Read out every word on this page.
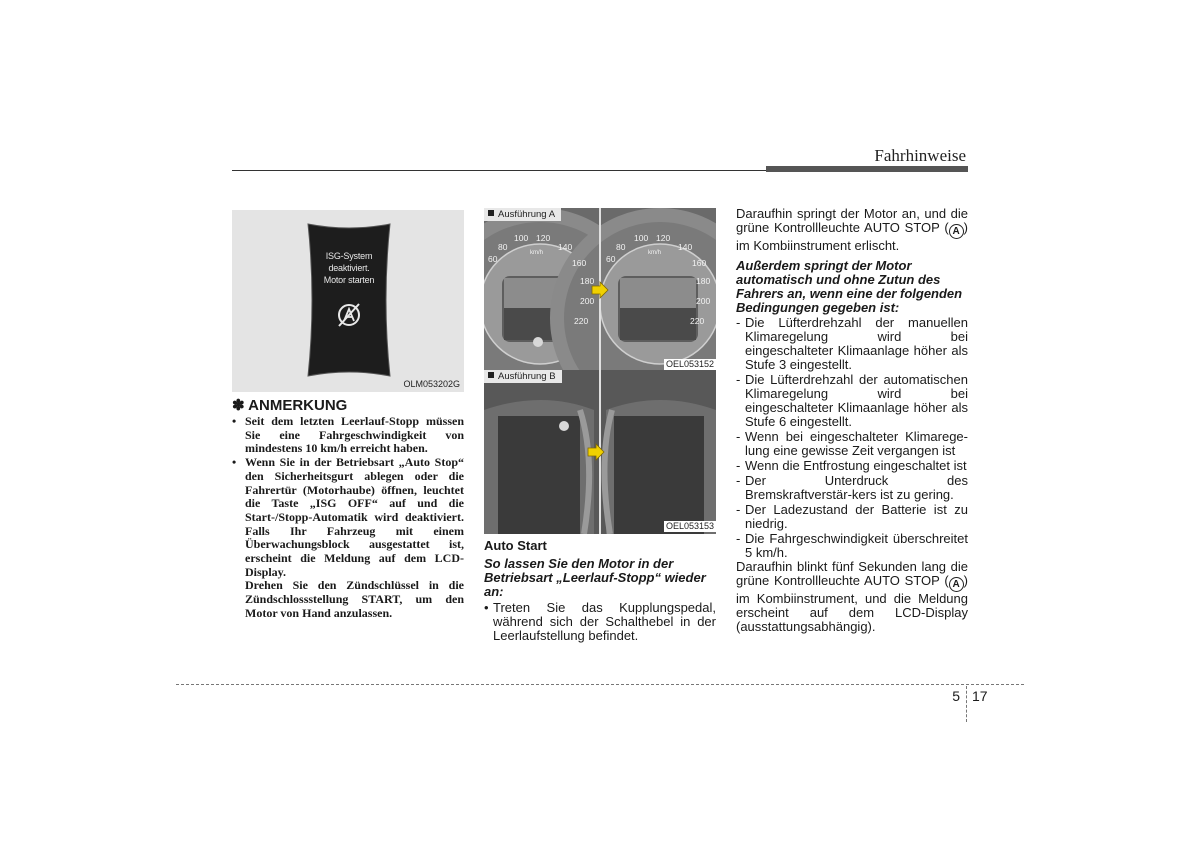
Fahrhinweise
ISG-System
deaktiviert.
Motor starten
OLM053202G
✽ ANMERKUNG
• Seit dem letzten Leerlauf-Stopp müssen Sie eine Fahrgeschwindigkeit von mindestens 10 km/h erreicht haben.
• Wenn Sie in der Betriebsart „Auto Stop“ den Sicherheitsgurt ablegen oder die Fahrertür (Motorhaube) öffnen, leuchtet die Taste „ISG OFF“ auf und die Start-/Stopp-Automatik wird deaktiviert. Falls Ihr Fahrzeug mit einem Überwachungsblock ausgestattet ist, erscheint die Meldung auf dem LCD-Display.

Drehen Sie den Zündschlüssel in die Zündschlossstellung START, um den Motor von Hand anzulassen.

60
80
100 120
140
160
180
200
220
km/h
60
80
100 120
140
160
180
200
220
km/h
Ausführung A
OEL053152
Ausführung B
OEL053153
Auto Start
So lassen Sie den Motor in der Betriebsart „Leerlauf-Stopp“ wieder an:
• Treten Sie das Kupplungspedal, während sich der Schalthebel in der Leerlaufstellung befindet.

Daraufhin springt der Motor an, und die grüne Kontrollleuchte AUTO STOP ( A ) im Kombiinstrument erlischt.

Außerdem springt der Motor automatisch und ohne Zutun des Fahrers an, wenn eine der folgenden Bedingungen gegeben ist:

- Die Lüfterdrehzahl der manuellen Klimaregelung wird bei eingeschalteter Klimaanlage höher als Stufe 3 eingestellt.
- Die Lüfterdrehzahl der automatischen Klimaregelung wird bei eingeschalteter Klimaanlage höher als Stufe 6 eingestellt.
- Wenn bei eingeschalteter Klimarege-lung eine gewisse Zeit vergangen ist
- Wenn die Entfrostung eingeschaltet ist
- Der Unterdruck des Bremskraftverstär-kers ist zu gering.
- Der Ladezustand der Batterie ist zu niedrig.
- Die Fahrgeschwindigkeit überschreitet 5 km/h.

Daraufhin blinkt fünf Sekunden lang die grüne Kontrollleuchte AUTO STOP ( A ) im Kombiinstrument, und die Meldung erscheint auf dem LCD-Display (ausstattungsabhängig).

5 17
